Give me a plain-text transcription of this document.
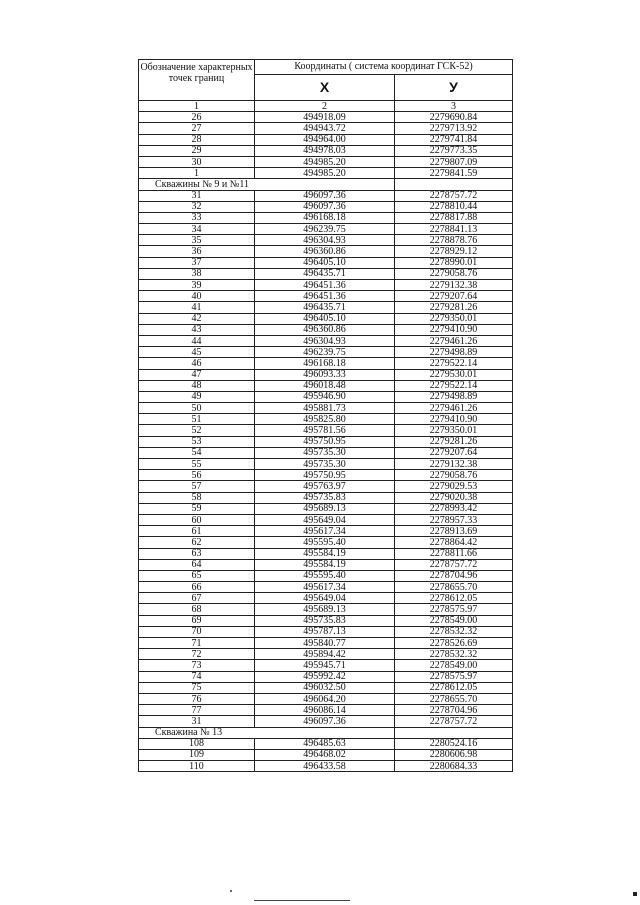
Обозначение характерных точек границ	Координаты ( система координат ГСК-52)	
	X	У
1	2	3
26	494918.09	2279690.84
27	494943.72	2279713.92
28	494964.00	2279741.84
29	494978.03	2279773.35
30	494985.20	2279807.09
1	494985.20	2279841.59
Скважины № 9 и №11		
31	496097.36	2278757.72
32	496097.36	2278810.44
33	496168.18	2278817.88
34	496239.75	2278841.13
35	496304.93	2278878.76
36	496360.86	2278929.12
37	496405.10	2278990.01
38	496435.71	2279058.76
39	496451.36	2279132.38
40	496451.36	2279207.64
41	496435.71	2279281.26
42	496405.10	2279350.01
43	496360.86	2279410.90
44	496304.93	2279461.26
45	496239.75	2279498.89
46	496168.18	2279522.14
47	496093.33	2279530.01
48	496018.48	2279522.14
49	495946.90	2279498.89
50	495881.73	2279461.26
51	495825.80	2279410.90
52	495781.56	2279350.01
53	495750.95	2279281.26
54	495735.30	2279207.64
55	495735.30	2279132.38
56	495750.95	2279058.76
57	495763.97	2279029.53
58	495735.83	2279020.38
59	495689.13	2278993.42
60	495649.04	2278957.33
61	495617.34	2278913.69
62	495595.40	2278864.42
63	495584.19	2278811.66
64	495584.19	2278757.72
65	495595.40	2278704.96
66	495617.34	2278655.70
67	495649.04	2278612.05
68	495689.13	2278575.97
69	495735.83	2278549.00
70	495787.13	2278532.32
71	495840.77	2278526.69
72	495894.42	2278532.32
73	495945.71	2278549.00
74	495992.42	2278575.97
75	496032.50	2278612.05
76	496064.20	2278655.70
77	496086.14	2278704.96
31	496097.36	2278757.72
Скважина № 13		
108	496485.63	2280524.16
109	496468.02	2280606.98
110	496433.58	2280684.33
